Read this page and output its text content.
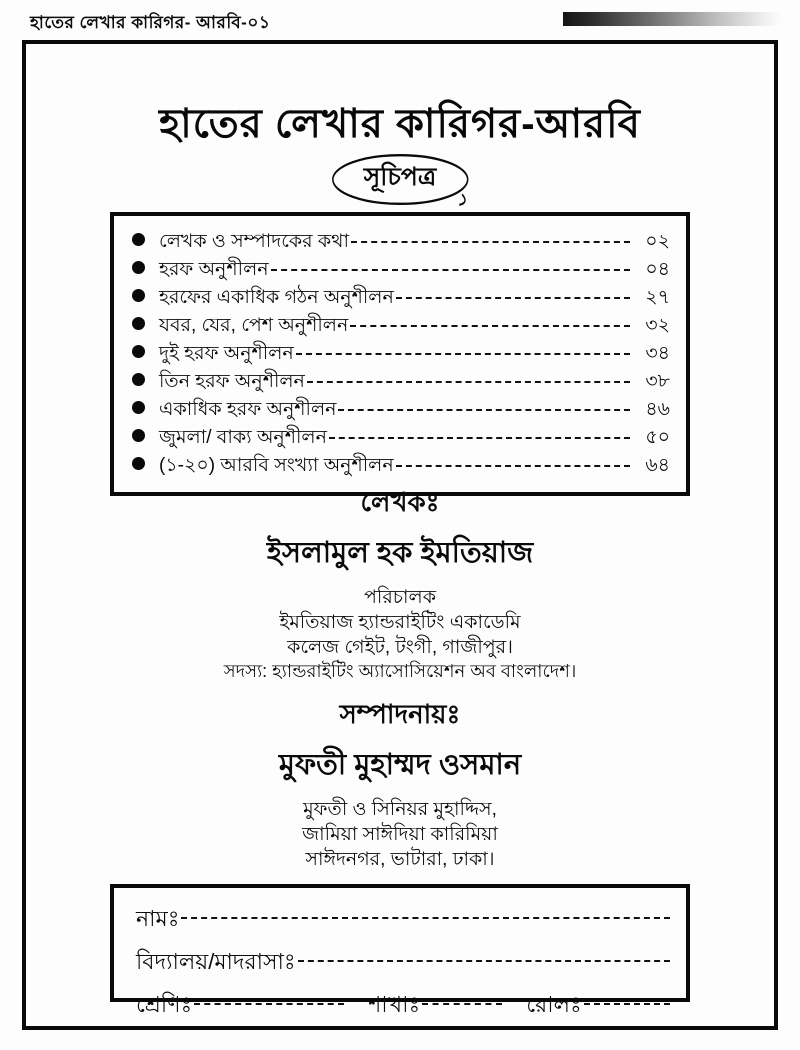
হাতের লেখার কারিগর- আরবি-০১
হাতের লেখার কারিগর-আরবি
সূচিপত্র
লেখক ও সম্পাদকের কথা	০২
হরফ অনুশীলন	০৪
হরফের একাধিক গঠন অনুশীলন	২৭
যবর, যের, পেশ অনুশীলন	৩২
দুই হরফ অনুশীলন	৩৪
তিন হরফ অনুশীলন	৩৮
একাধিক হরফ অনুশীলন	৪৬
জুমলা/ বাক্য অনুশীলন	৫০
(১-২০) আরবি সংখ্যা অনুশীলন	৬৪
লেখকঃ
ইসলামুল হক ইমতিয়াজ
পরিচালক
ইমতিয়াজ হ্যান্ডরাইটিং একাডেমি
কলেজ গেইট, টংগী, গাজীপুর।
সদস্য: হ্যান্ডরাইটিং অ্যাসোসিয়েশন অব বাংলাদেশ।
সম্পাদনায়ঃ
মুফতী মুহাম্মদ ওসমান
মুফতী ও সিনিয়র মুহাদ্দিস,
জামিয়া সাঈদিয়া কারিমিয়া
সাঈদনগর, ভাটারা, ঢাকা।
নামঃ
বিদ্যালয়/মাদরাসাঃ
শ্রেণিঃ	শাখাঃ	রোলঃ
